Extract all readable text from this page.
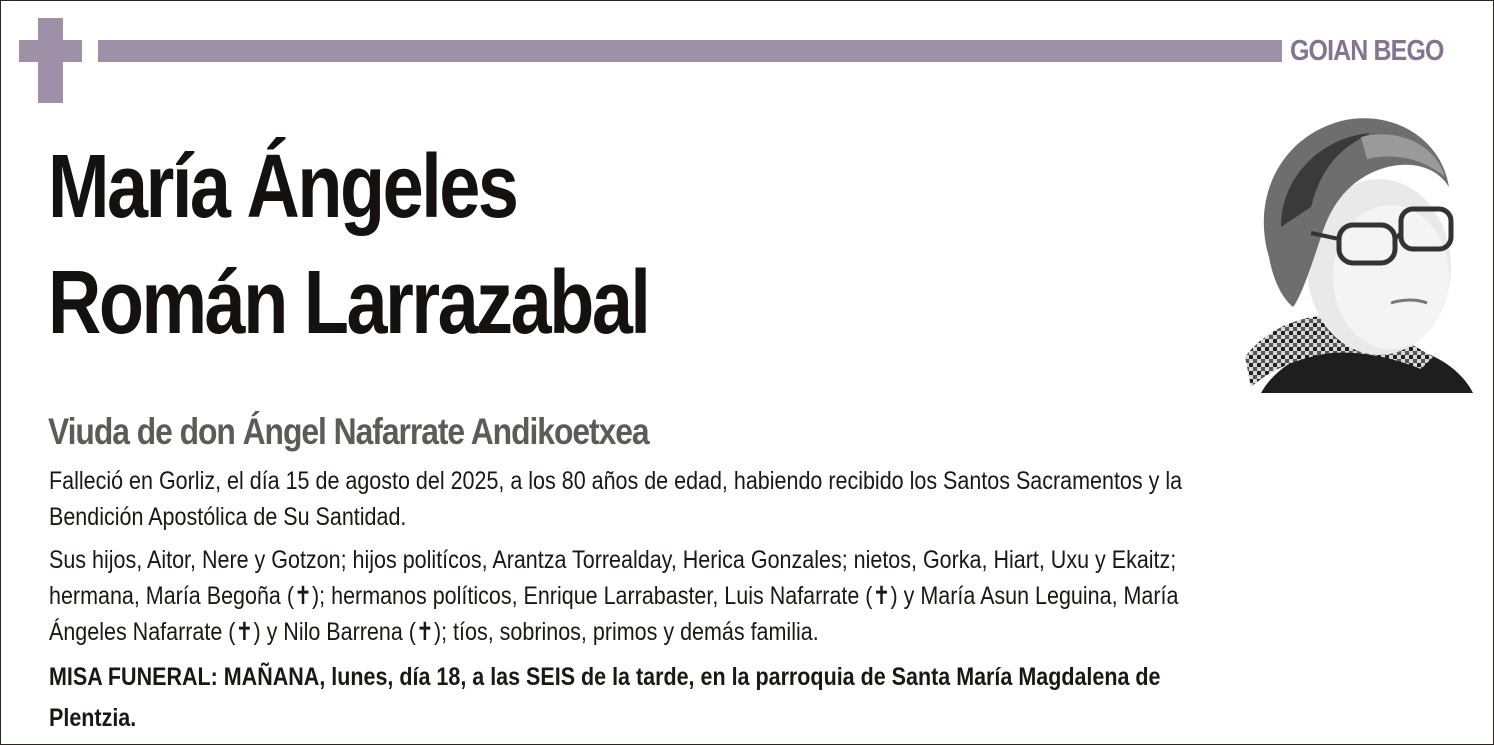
GOIAN BEGO
María Ángeles
Román Larrazabal
Viuda de don Ángel Nafarrate Andikoetxea
Falleció en Gorliz, el día 15 de agosto del 2025, a los 80 años de edad, habiendo recibido los Santos Sacramentos y la
Bendición Apostólica de Su Santidad.
Sus hijos, Aitor, Nere y Gotzon; hijos politícos, Arantza Torrealday, Herica Gonzales; nietos, Gorka, Hiart, Uxu y Ekaitz;
hermana, María Begoña (✝); hermanos políticos, Enrique Larrabaster, Luis Nafarrate (✝) y María Asun Leguina, María
Ángeles Nafarrate (✝) y Nilo Barrena (✝); tíos, sobrinos, primos y demás familia.
MISA FUNERAL: MAÑANA, lunes, día 18, a las SEIS de la tarde, en la parroquia de Santa María Magdalena de
Plentzia.
